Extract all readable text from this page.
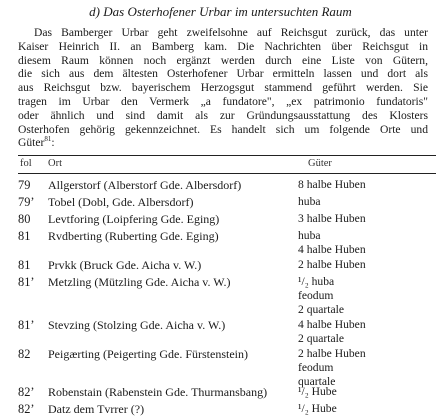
d) Das Osterhofener Urbar im untersuchten Raum
Das Bamberger Urbar geht zweifelsohne auf Reichsgut zurück, das unter
Kaiser Heinrich II. an Bamberg kam. Die Nachrichten über Reichsgut in
diesem Raum können noch ergänzt werden durch eine Liste von Gütern,
die sich aus dem ältesten Osterhofener Urbar ermitteln lassen und dort als
aus Reichsgut bzw. bayerischem Herzogsgut stammend geführt werden. Sie
tragen im Urbar den Vermerk „a fundatore", „ex patrimonio fundatoris"
oder ähnlich und sind damit als zur Gründungsausstattung des Klosters
Osterhofen gehörig gekennzeichnet. Es handelt sich um folgende Orte und
Güter$^{81}$:
fol Ort	Güter
79	Allgerstorf (Alberstorf Gde. Albersdorf)	8 halbe Huben
79’	Tobel (Dobl, Gde. Albersdorf)	huba
80	Levtforing (Loipfering Gde. Eging)	3 halbe Huben
81	Rvdberting (Ruberting Gde. Eging)	huba
4 halbe Huben
81	Prvkk (Bruck Gde. Aicha v. W.)	2 halbe Huben
81’	Metzling (Mützling Gde. Aicha v. W.)	¹/₂ huba
feodum
2 quartale
81’	Stevzing (Stolzing Gde. Aicha v. W.)	4 halbe Huben
2 quartale
82	Peigærting (Peigerting Gde. Fürstenstein)	2 halbe Huben
feodum
quartale
82’	Robenstain (Rabenstein Gde. Thurmansbang)	¹/₂ Hube
82’	Datz dem Tvrrer (?)	¹/₂ Hube
